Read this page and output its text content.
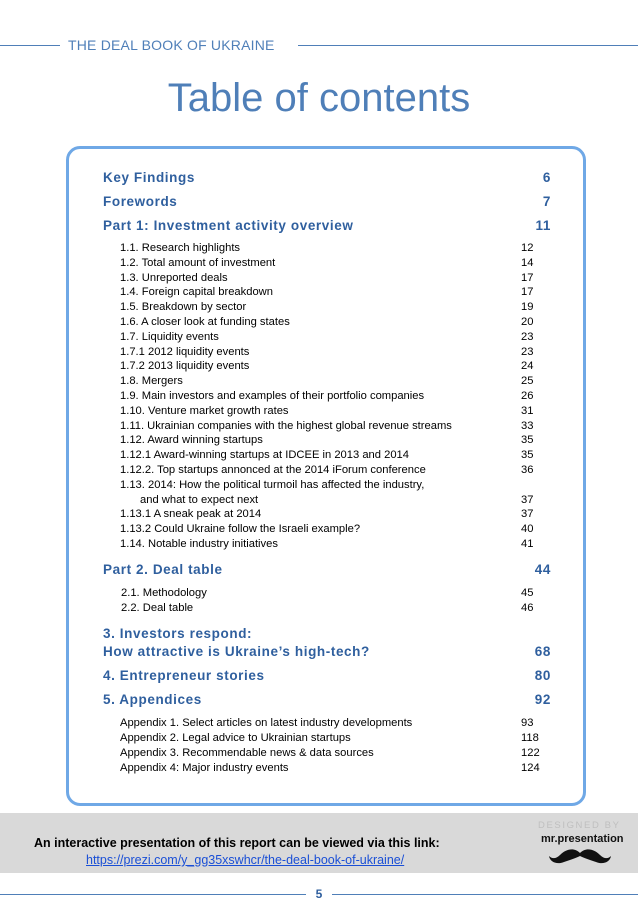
THE DEAL BOOK OF UKRAINE
Table of contents
Key Findings	6
Forewords	7
Part 1: Investment activity overview	11
1.1. Research highlights	12
1.2. Total amount of investment	14
1.3. Unreported deals	17
1.4. Foreign capital breakdown	17
1.5. Breakdown by sector	19
1.6. A closer look at funding states	20
1.7. Liquidity events	23
1.7.1 2012 liquidity events	23
1.7.2 2013 liquidity events	24
1.8. Mergers	25
1.9. Main investors and examples of their portfolio companies	26
1.10. Venture market growth rates	31
1.11. Ukrainian companies with the highest global revenue streams	33
1.12. Award winning startups	35
1.12.1 Award-winning startups at IDCEE in 2013 and 2014	35
1.12.2. Top startups annonced at the 2014 iForum conference	36
1.13. 2014: How the political turmoil has affected the industry,
and what to expect next	37
1.13.1 A sneak peak at 2014	37
1.13.2 Could Ukraine follow the Israeli example?	40
1.14. Notable industry initiatives	41
Part 2. Deal table	44
2.1. Methodology	45
2.2. Deal table	46
3. Investors respond:
How attractive is Ukraine’s high-tech?	68
4. Entrepreneur stories	80
5. Appendices	92
Appendix 1. Select articles on latest industry developments	93
Appendix 2. Legal advice to Ukrainian startups	118
Appendix 3. Recommendable news & data sources	122
Appendix 4: Major industry events	124
An interactive presentation of this report can be viewed via this link:
https://prezi.com/y_gg35xswhcr/the-deal-book-of-ukraine/
DESIGNED BY
mr.presentation
5
